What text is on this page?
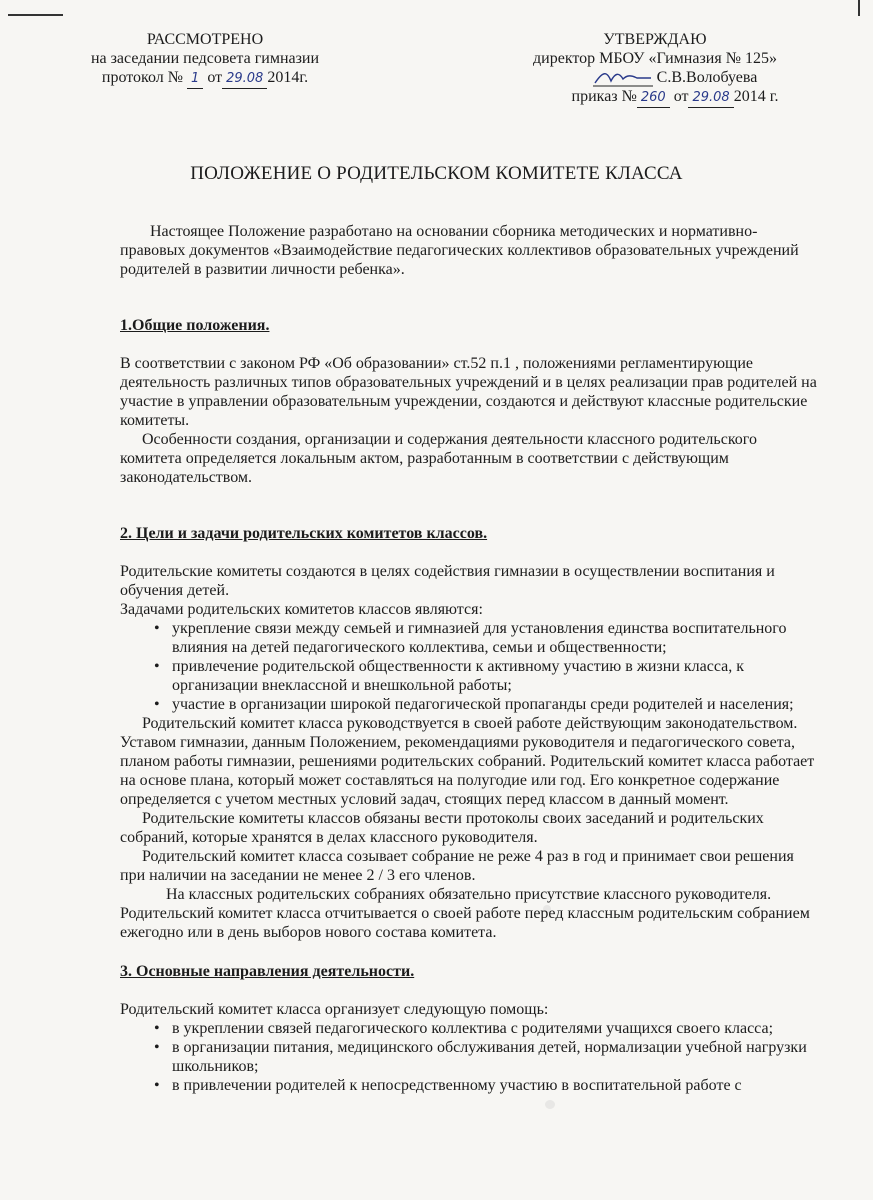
РАССМОТРЕНО
на заседании педсовета гимназии
протокол № 1 от 29.08 2014г.
УТВЕРЖДАЮ
директор МБОУ «Гимназия № 125»
С.В.Волобуева
приказ № 260 от 29.08 2014 г.
ПОЛОЖЕНИЕ О РОДИТЕЛЬСКОМ КОМИТЕТЕ КЛАССА

Настоящее Положение разработано на основании сборника методических и нормативно-правовых документов «Взаимодействие педагогических коллективов образовательных учреждений родителей в развитии личности ребенка».

1.Общие положения.

В соответствии с законом РФ «Об образовании» ст.52 п.1 , положениями регламентирующие деятельность различных типов образовательных учреждений и в целях реализации прав родителей на участие в управлении образовательным учреждении, создаются и действуют классные родительские комитеты.

Особенности создания, организации и содержания деятельности классного родительского комитета определяется локальным актом, разработанным в соответствии с действующим законодательством.

2. Цели и задачи родительских комитетов классов.

Родительские комитеты создаются в целях содействия гимназии в осуществлении воспитания и обучения детей.

Задачами родительских комитетов классов являются:

• укрепление связи между семьей и гимназией для установления единства воспитательного влияния на детей педагогического коллектива, семьи и общественности;
• привлечение родительской общественности к активному участию в жизни класса, к организации внеклассной и внешкольной работы;
• участие в организации широкой педагогической пропаганды среди родителей и населения;

Родительский комитет класса руководствуется в своей работе действующим законодательством. Уставом гимназии, данным Положением, рекомендациями руководителя и педагогического совета, планом работы гимназии, решениями родительских собраний. Родительский комитет класса работает на основе плана, который может составляться на полугодие или год. Его конкретное содержание определяется с учетом местных условий задач, стоящих перед классом в данный момент.

Родительские комитеты классов обязаны вести протоколы своих заседаний и родительских собраний, которые хранятся в делах классного руководителя.

Родительский комитет класса созывает собрание не реже 4 раз в год и принимает свои решения при наличии на заседании не менее 2 / 3 его членов.

На классных родительских собраниях обязательно присутствие классного руководителя. Родительский комитет класса отчитывается о своей работе перед классным родительским собранием ежегодно или в день выборов нового состава комитета.

3. Основные направления деятельности.

Родительский комитет класса организует следующую помощь:

• в укреплении связей педагогического коллектива с родителями учащихся своего класса;
• в организации питания, медицинского обслуживания детей, нормализации учебной нагрузки школьников;
• в привлечении родителей к непосредственному участию в воспитательной работе с
